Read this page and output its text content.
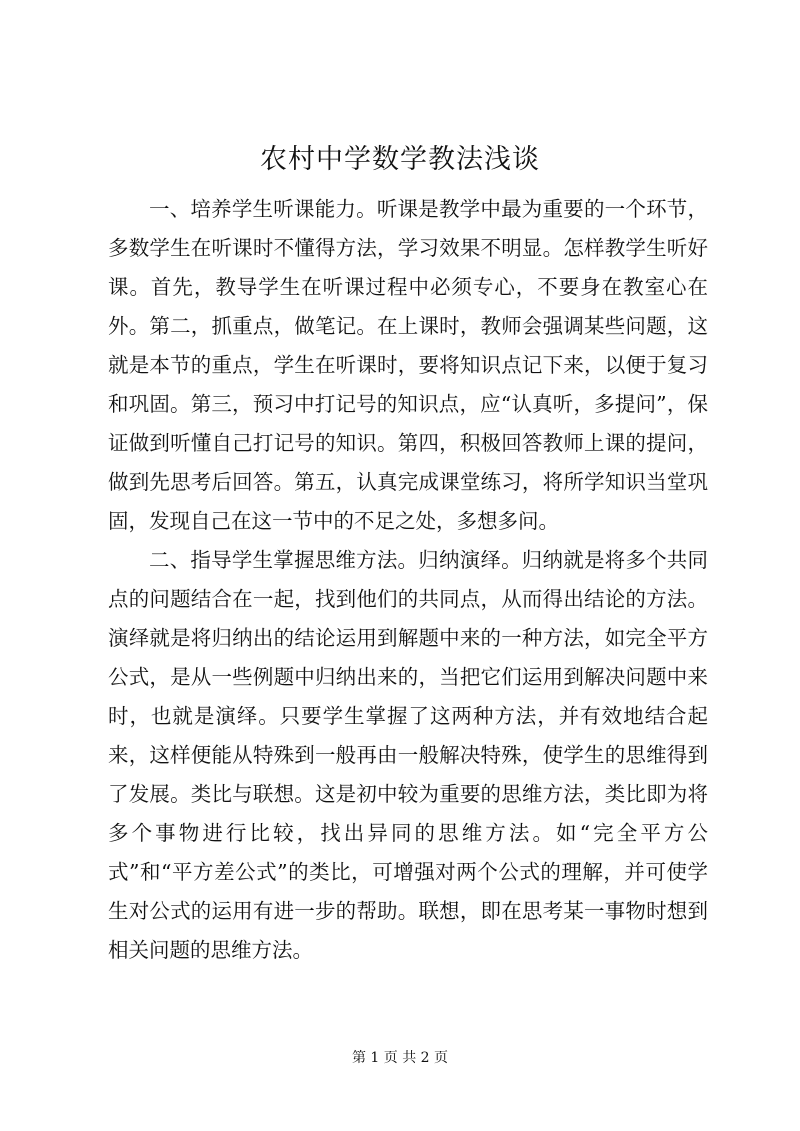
农村中学数学教法浅谈

一、培养学生听课能力。听课是教学中最为重要的一个环节，多数学生在听课时不懂得方法，学习效果不明显。怎样教学生听好课。首先，教导学生在听课过程中必须专心，不要身在教室心在外。第二，抓重点，做笔记。在上课时，教师会强调某些问题，这就是本节的重点，学生在听课时，要将知识点记下来，以便于复习和巩固。第三，预习中打记号的知识点，应“认真听，多提问”，保证做到听懂自己打记号的知识。第四，积极回答教师上课的提问，做到先思考后回答。第五，认真完成课堂练习，将所学知识当堂巩固，发现自己在这一节中的不足之处，多想多问。

二、指导学生掌握思维方法。归纳演绎。归纳就是将多个共同点的问题结合在一起，找到他们的共同点，从而得出结论的方法。演绎就是将归纳出的结论运用到解题中来的一种方法，如完全平方公式，是从一些例题中归纳出来的，当把它们运用到解决问题中来时，也就是演绎。只要学生掌握了这两种方法，并有效地结合起来，这样便能从特殊到一般再由一般解决特殊，使学生的思维得到了发展。类比与联想。这是初中较为重要的思维方法，类比即为将多个事物进行比较，找出异同的思维方法。如“完全平方公式”和“平方差公式”的类比，可增强对两个公式的理解，并可使学生对公式的运用有进一步的帮助。联想，即在思考某一事物时想到相关问题的思维方法。

第 1 页 共 2 页
